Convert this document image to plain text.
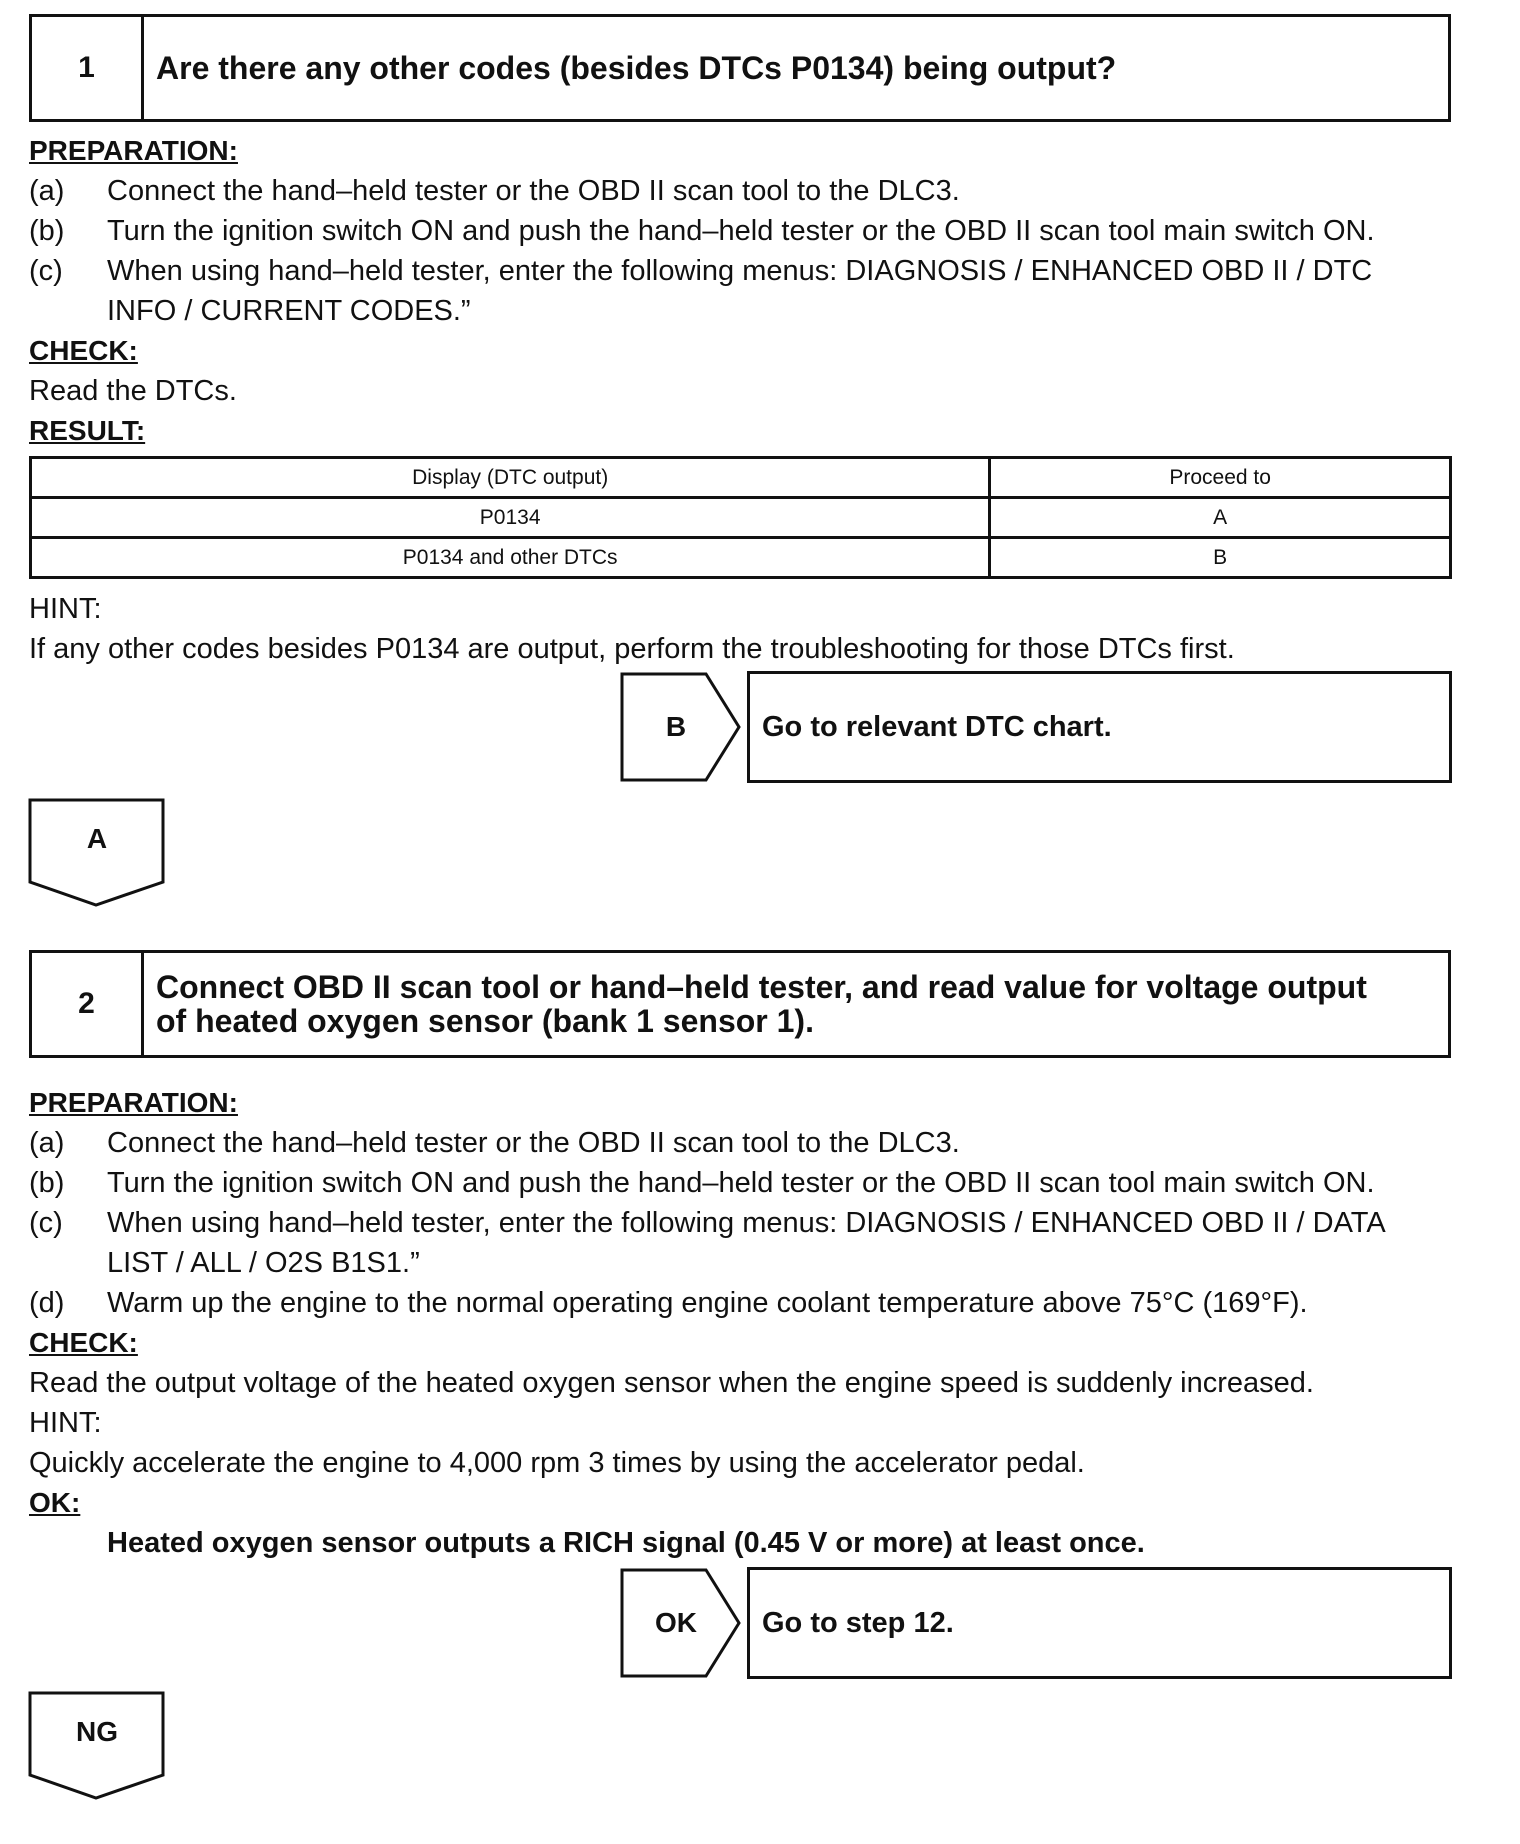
1	Are there any other codes (besides DTCs P0134) being output?
PREPARATION:
(a) Connect the hand–held tester or the OBD II scan tool to the DLC3.
(b) Turn the ignition switch ON and push the hand–held tester or the OBD II scan tool main switch ON.
(c) When using hand–held tester, enter the following menus: DIAGNOSIS / ENHANCED OBD II / DTC
INFO / CURRENT CODES.”
CHECK:
Read the DTCs.
RESULT:
Display (DTC output)	Proceed to
P0134	A
P0134 and other DTCs	B
HINT:
If any other codes besides P0134 are output, perform the troubleshooting for those DTCs first.
B	Go to relevant DTC chart.
A
2	Connect OBD II scan tool or hand–held tester, and read value for voltage output
of heated oxygen sensor (bank 1 sensor 1).
PREPARATION:
(a) Connect the hand–held tester or the OBD II scan tool to the DLC3.
(b) Turn the ignition switch ON and push the hand–held tester or the OBD II scan tool main switch ON.
(c) When using hand–held tester, enter the following menus: DIAGNOSIS / ENHANCED OBD II / DATA
LIST / ALL / O2S B1S1.”
(d) Warm up the engine to the normal operating engine coolant temperature above 75°C (169°F).
CHECK:
Read the output voltage of the heated oxygen sensor when the engine speed is suddenly increased.
HINT:
Quickly accelerate the engine to 4,000 rpm 3 times by using the accelerator pedal.
OK:
Heated oxygen sensor outputs a RICH signal (0.45 V or more) at least once.
OK	Go to step 12.
NG
